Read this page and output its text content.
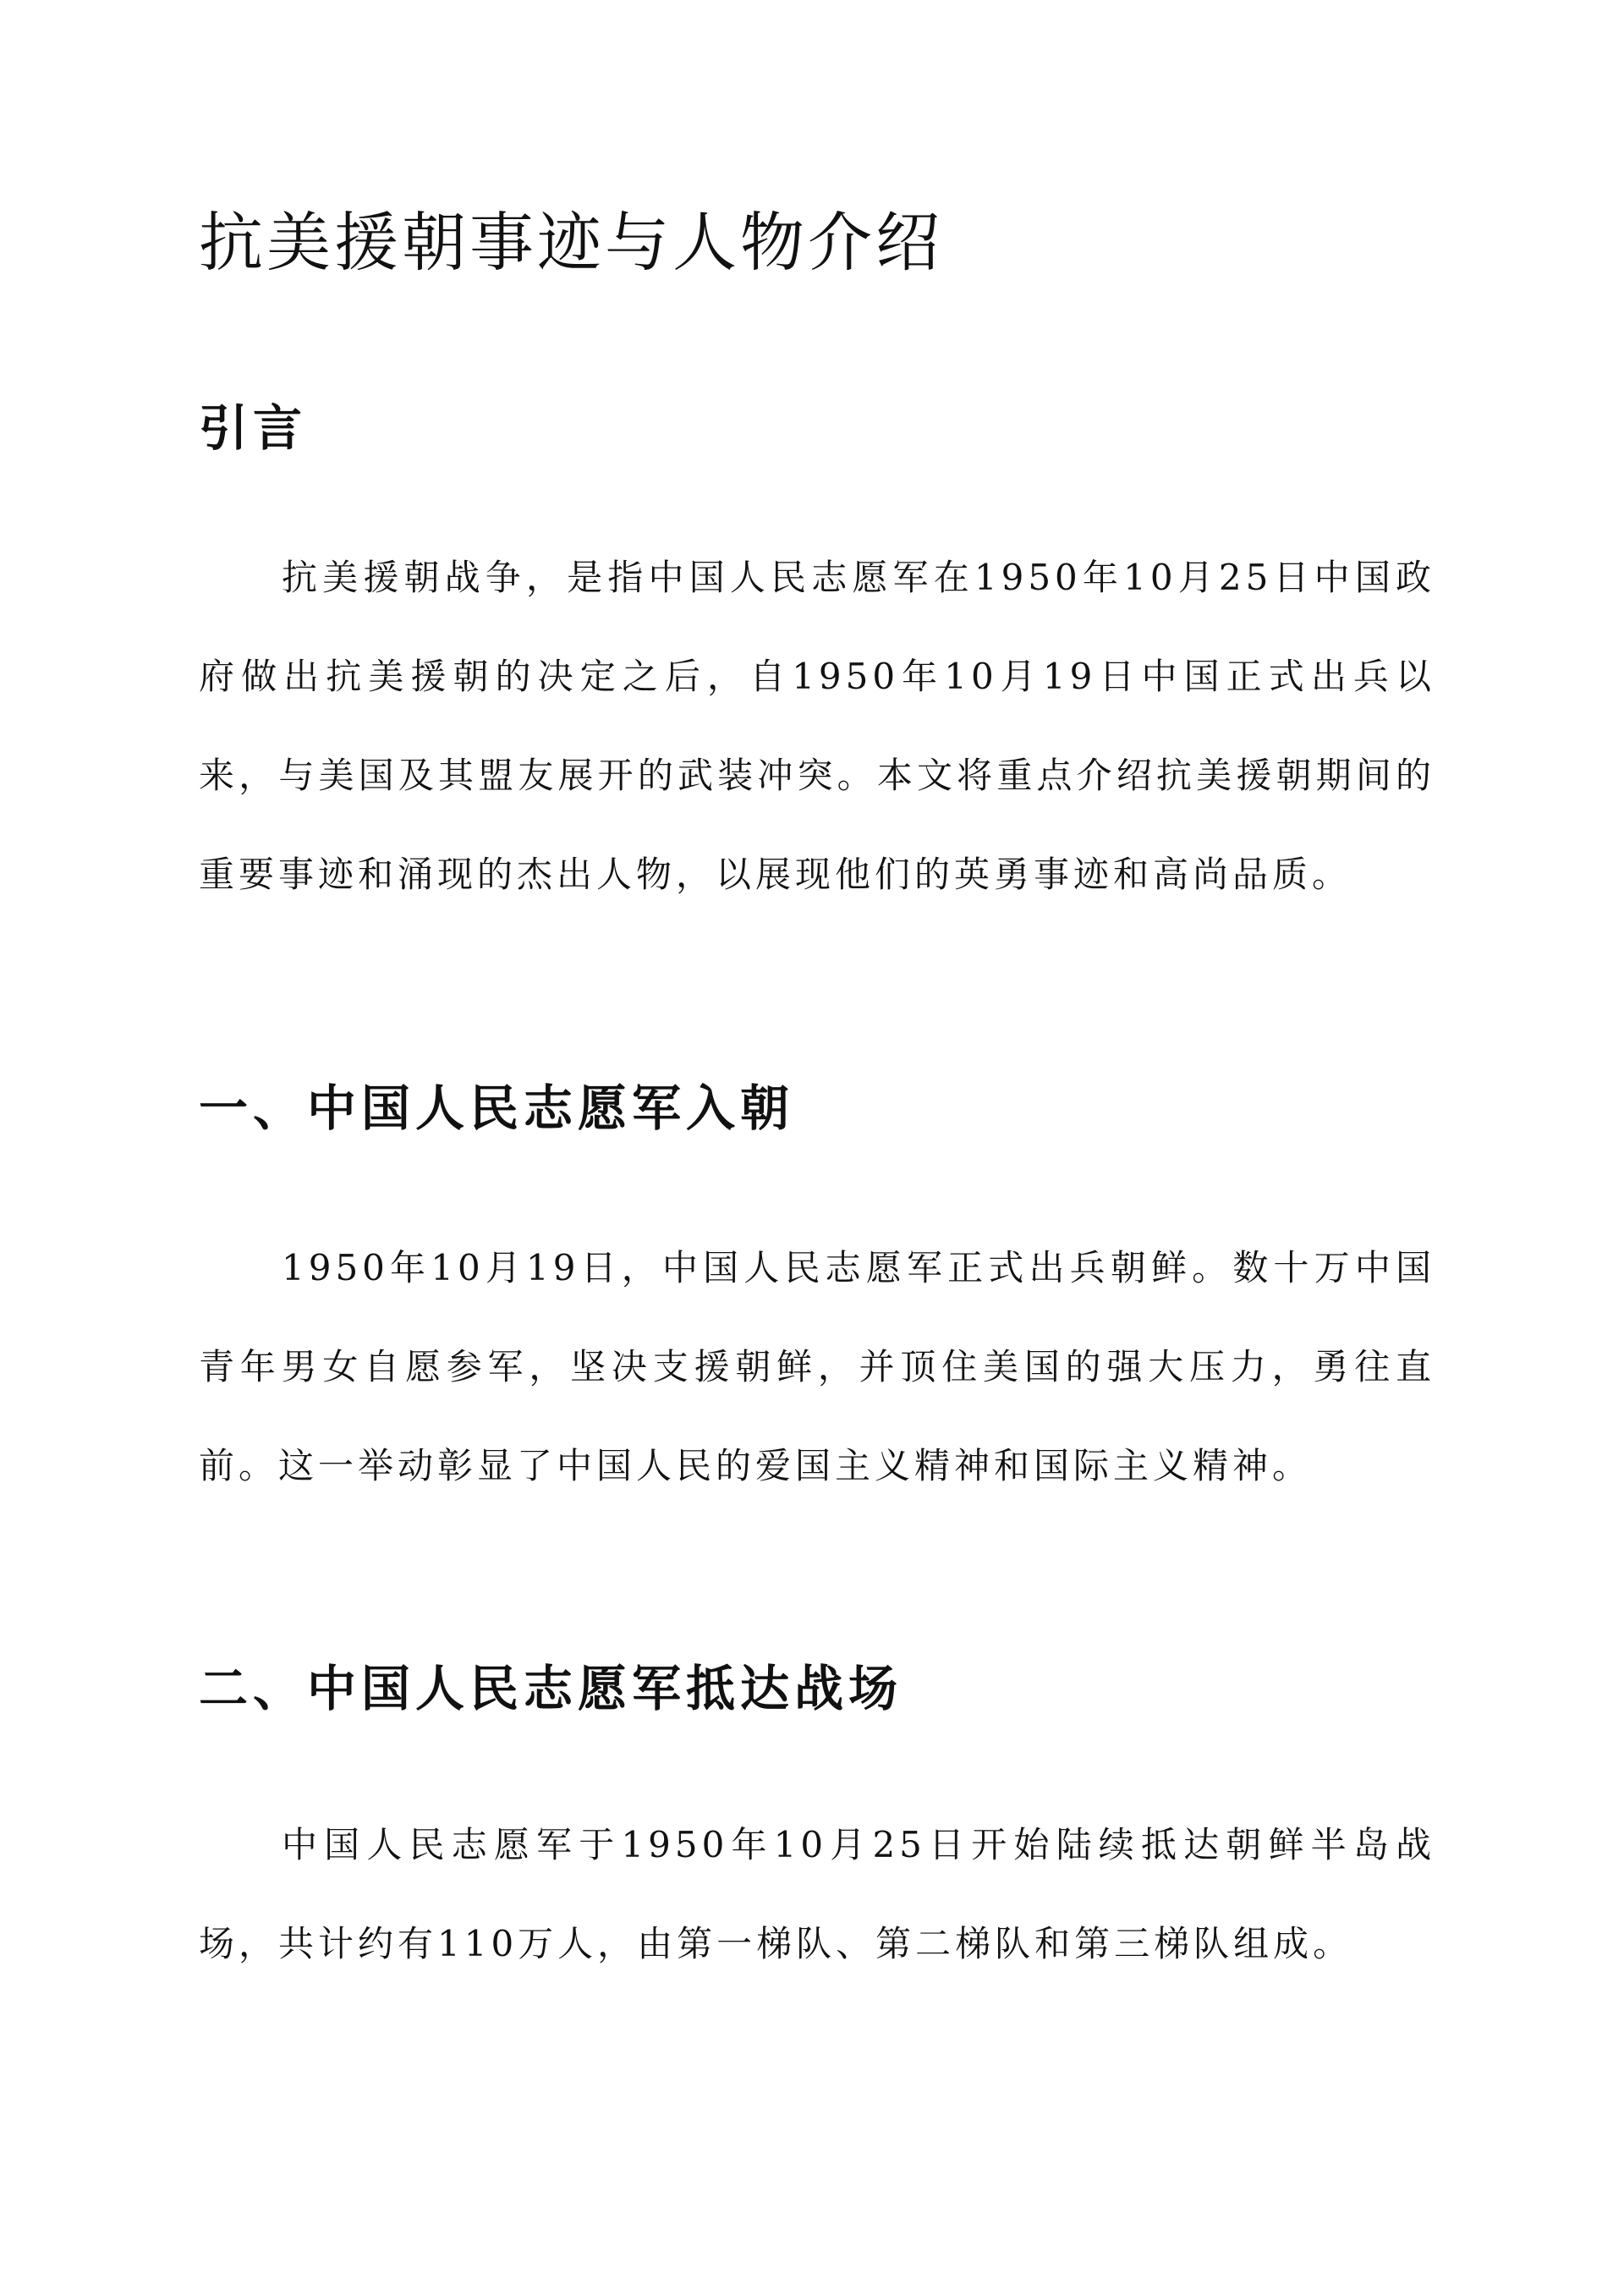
抗美援朝事迹与人物介绍
引言

抗美援朝战争，是指中国人民志愿军在1950年10月25日中国政府做出抗美援朝的决定之后，自1950年10月19日中国正式出兵以来，与美国及其盟友展开的武装冲突。本文将重点介绍抗美援朝期间的重要事迹和涌现的杰出人物，以展现他们的英勇事迹和高尚品质。

一、中国人民志愿军入朝

1950年10月19日，中国人民志愿军正式出兵朝鲜。数十万中国青年男女自愿参军，坚决支援朝鲜，并顶住美国的强大压力，勇往直前。这一举动彰显了中国人民的爱国主义精神和国际主义精神。

二、中国人民志愿军抵达战场

中国人民志愿军于1950年10月25日开始陆续抵达朝鲜半岛战场，共计约有110万人，由第一梯队、第二梯队和第三梯队组成。
